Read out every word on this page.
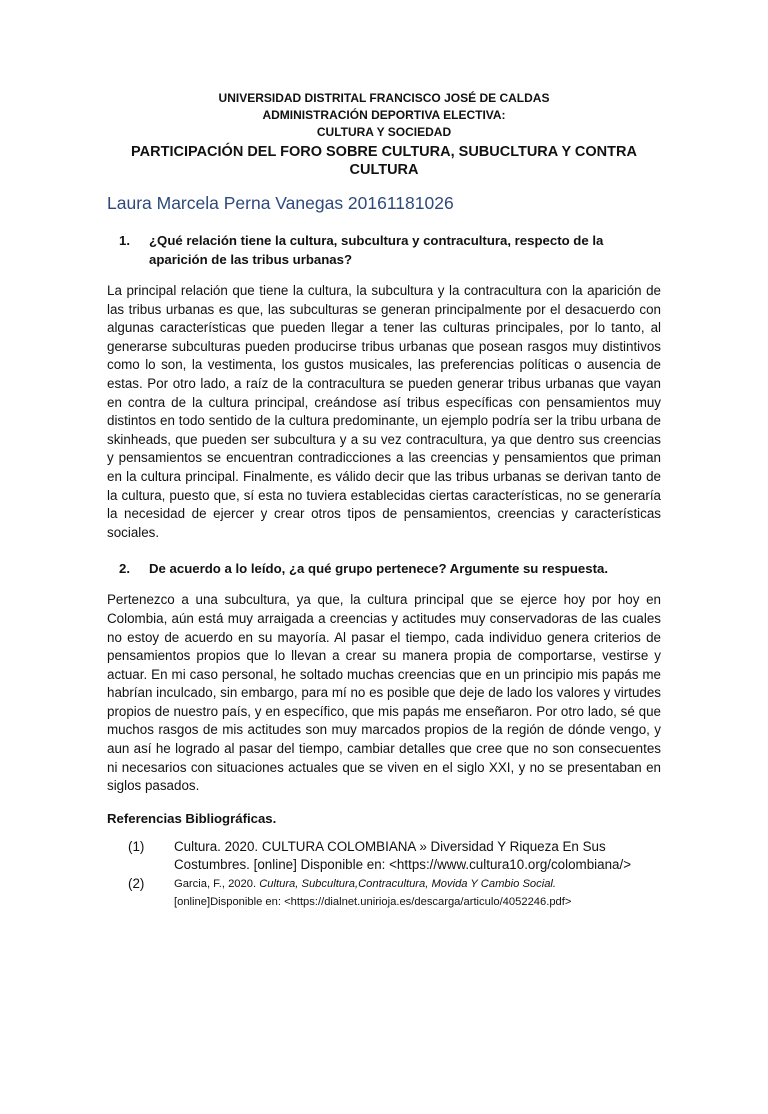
UNIVERSIDAD DISTRITAL FRANCISCO JOSÉ DE CALDAS
ADMINISTRACIÓN DEPORTIVA ELECTIVA:
CULTURA Y SOCIEDAD
PARTICIPACIÓN DEL FORO SOBRE CULTURA, SUBUCLTURA Y CONTRA CULTURA
Laura Marcela Perna Vanegas 20161181026
1.	¿Qué relación tiene la cultura, subcultura y contracultura, respecto de la aparición de las tribus urbanas?
La principal relación que tiene la cultura, la subcultura y la contracultura con la aparición de las tribus urbanas es que, las subculturas se generan principalmente por el desacuerdo con algunas características que pueden llegar a tener las culturas principales, por lo tanto, al generarse subculturas pueden producirse tribus urbanas que posean rasgos muy distintivos como lo son, la vestimenta, los gustos musicales, las preferencias políticas o ausencia de estas. Por otro lado, a raíz de la contracultura se pueden generar tribus urbanas que vayan en contra de la cultura principal, creándose así tribus específicas con pensamientos muy distintos en todo sentido de la cultura predominante, un ejemplo podría ser la tribu urbana de skinheads, que pueden ser subcultura y a su vez contracultura, ya que dentro sus creencias y pensamientos se encuentran contradicciones a las creencias y pensamientos que priman en la cultura principal. Finalmente, es válido decir que las tribus urbanas se derivan tanto de la cultura, puesto que, sí esta no tuviera establecidas ciertas características, no se generaría la necesidad de ejercer y crear otros tipos de pensamientos, creencias y características sociales.
2.	De acuerdo a lo leído, ¿a qué grupo pertenece? Argumente su respuesta.
Pertenezco a una subcultura, ya que, la cultura principal que se ejerce hoy por hoy en Colombia, aún está muy arraigada a creencias y actitudes muy conservadoras de las cuales no estoy de acuerdo en su mayoría. Al pasar el tiempo, cada individuo genera criterios de pensamientos propios que lo llevan a crear su manera propia de comportarse, vestirse y actuar. En mi caso personal, he soltado muchas creencias que en un principio mis papás me habrían inculcado, sin embargo, para mí no es posible que deje de lado los valores y virtudes propios de nuestro país, y en específico, que mis papás me enseñaron. Por otro lado, sé que muchos rasgos de mis actitudes son muy marcados propios de la región de dónde vengo, y aun así he logrado al pasar del tiempo, cambiar detalles que cree que no son consecuentes ni necesarios con situaciones actuales que se viven en el siglo XXI, y no se presentaban en siglos pasados.
Referencias Bibliográficas.
(1)	Cultura. 2020. CULTURA COLOMBIANA » Diversidad Y Riqueza En Sus Costumbres. [online] Disponible en: <https://www.cultura10.org/colombiana/>
(2)	Garcia, F., 2020. Cultura, Subcultura,Contracultura, Movida Y Cambio Social.
[online]Disponible en: <https://dialnet.unirioja.es/descarga/articulo/4052246.pdf>
